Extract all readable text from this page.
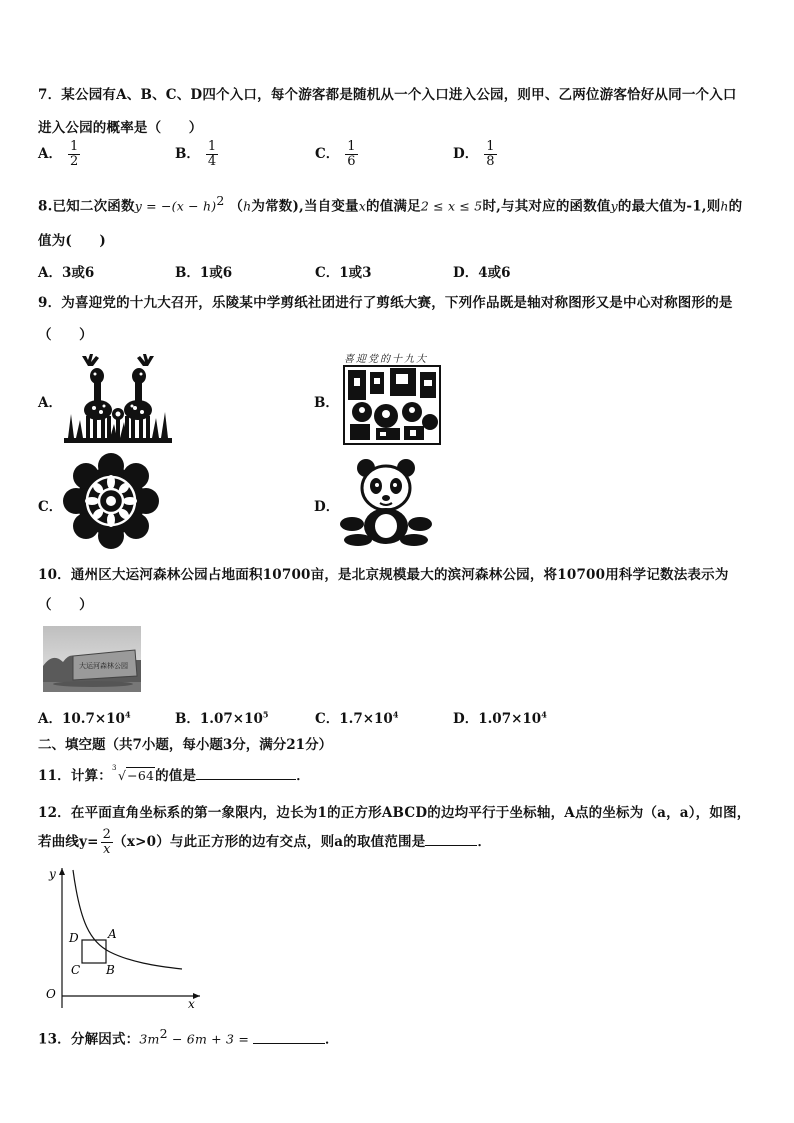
7．某公园有A、B、C、D四个入口，每个游客都是随机从一个入口进入公园，则甲、乙两位游客恰好从同一个入口
进入公园的概率是（　　）
A． $\frac{1}{2}$	B． $\frac{1}{4}$	C． $\frac{1}{6}$	D． $\frac{1}{8}$
8.已知二次函数$y = -(x - h)^2$ （h为常数),当自变量x的值满足2 ≤ x ≤ 5时,与其对应的函数值y的最大值为-1,则h的
值为(　　)
A．3或6	B．1或6	C．1或3	D．4或6
9．为喜迎党的十九大召开，乐陵某中学剪纸社团进行了剪纸大赛，下列作品既是轴对称图形又是中心对称图形的是
（　　）
A．	B．
喜迎党的十九大
C．	D．
10．通州区大运河森林公园占地面积10700亩，是北京规模最大的滨河森林公园，将10700用科学记数法表示为
（　　）
大运河森林公园
A．$10.7\times 10^4$	B．$1.07\times 10^5$	C．$1.7\times 10^4$	D．$1.07\times 10^4$
二、填空题（共7小题，每小题3分，满分21分）
11．计算： 3 √−64的值是	．
12．在平面直角坐标系的第一象限内，边长为1的正方形ABCD的边均平行于坐标轴，A点的坐标为（a，a），如图，
若曲线$y= \frac{2}{x} (x>0)$与此正方形的边有交点，则a的取值范围是	．
y
x
O
A
B
C
D
13．分解因式：$3m^2 - 6m + 3$ =	．
